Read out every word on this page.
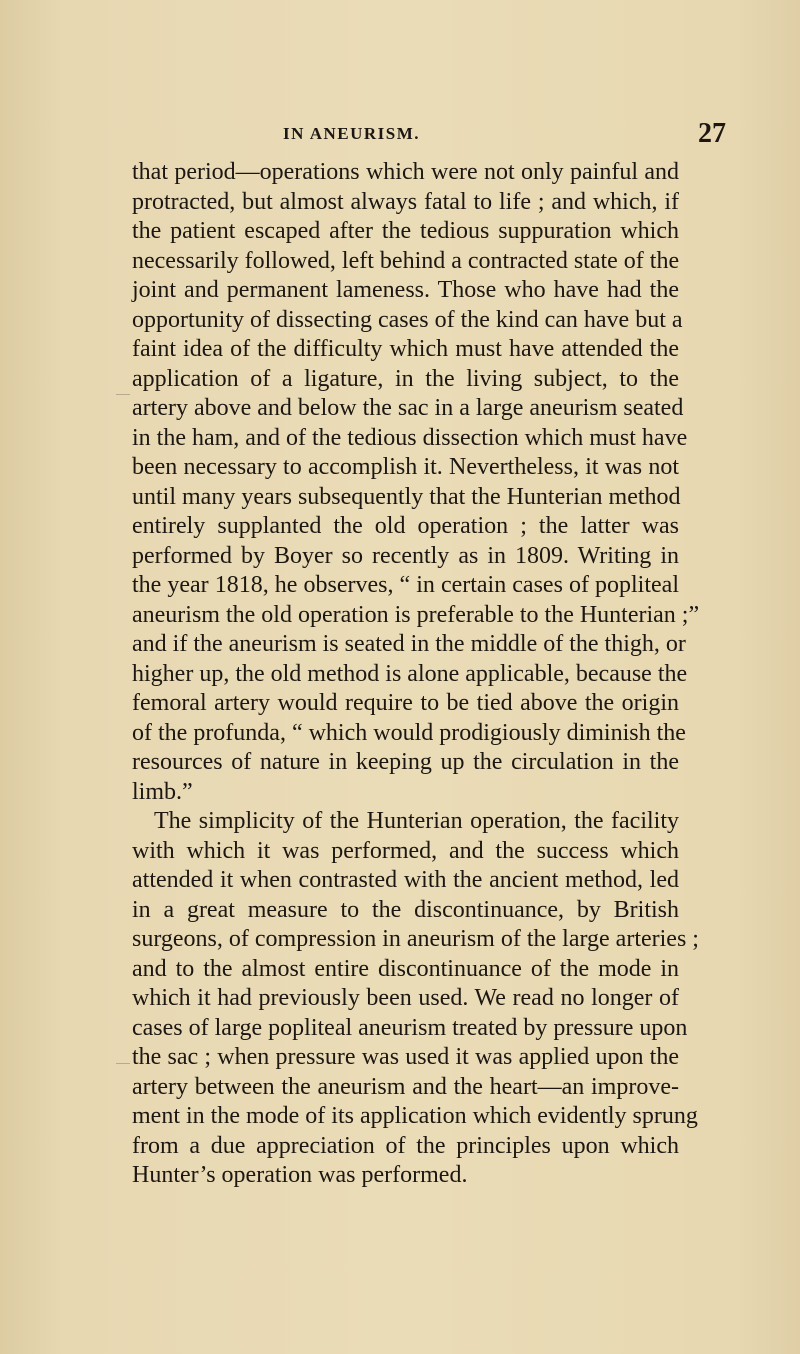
IN ANEURISM.	27
that period—operations which were not only painful and
protracted, but almost always fatal to life ; and which, if
the patient escaped after the tedious suppuration which
necessarily followed, left behind a contracted state of the
joint and permanent lameness. Those who have had the
opportunity of dissecting cases of the kind can have but a
faint idea of the difficulty which must have attended the
application of a ligature, in the living subject, to the
artery above and below the sac in a large aneurism seated
in the ham, and of the tedious dissection which must have
been necessary to accomplish it. Nevertheless, it was not
until many years subsequently that the Hunterian method
entirely supplanted the old operation ; the latter was
performed by Boyer so recently as in 1809. Writing in
the year 1818, he observes, “ in certain cases of popliteal
aneurism the old operation is preferable to the Hunterian ;”
and if the aneurism is seated in the middle of the thigh, or
higher up, the old method is alone applicable, because the
femoral artery would require to be tied above the origin
of the profunda, “ which would prodigiously diminish the
resources of nature in keeping up the circulation in the
limb.”
The simplicity of the Hunterian operation, the facility
with which it was performed, and the success which
attended it when contrasted with the ancient method, led
in a great measure to the discontinuance, by British
surgeons, of compression in aneurism of the large arteries ;
and to the almost entire discontinuance of the mode in
which it had previously been used. We read no longer of
cases of large popliteal aneurism treated by pressure upon
the sac ; when pressure was used it was applied upon the
artery between the aneurism and the heart—an improve-
ment in the mode of its application which evidently sprung
from a due appreciation of the principles upon which
Hunter’s operation was performed.
